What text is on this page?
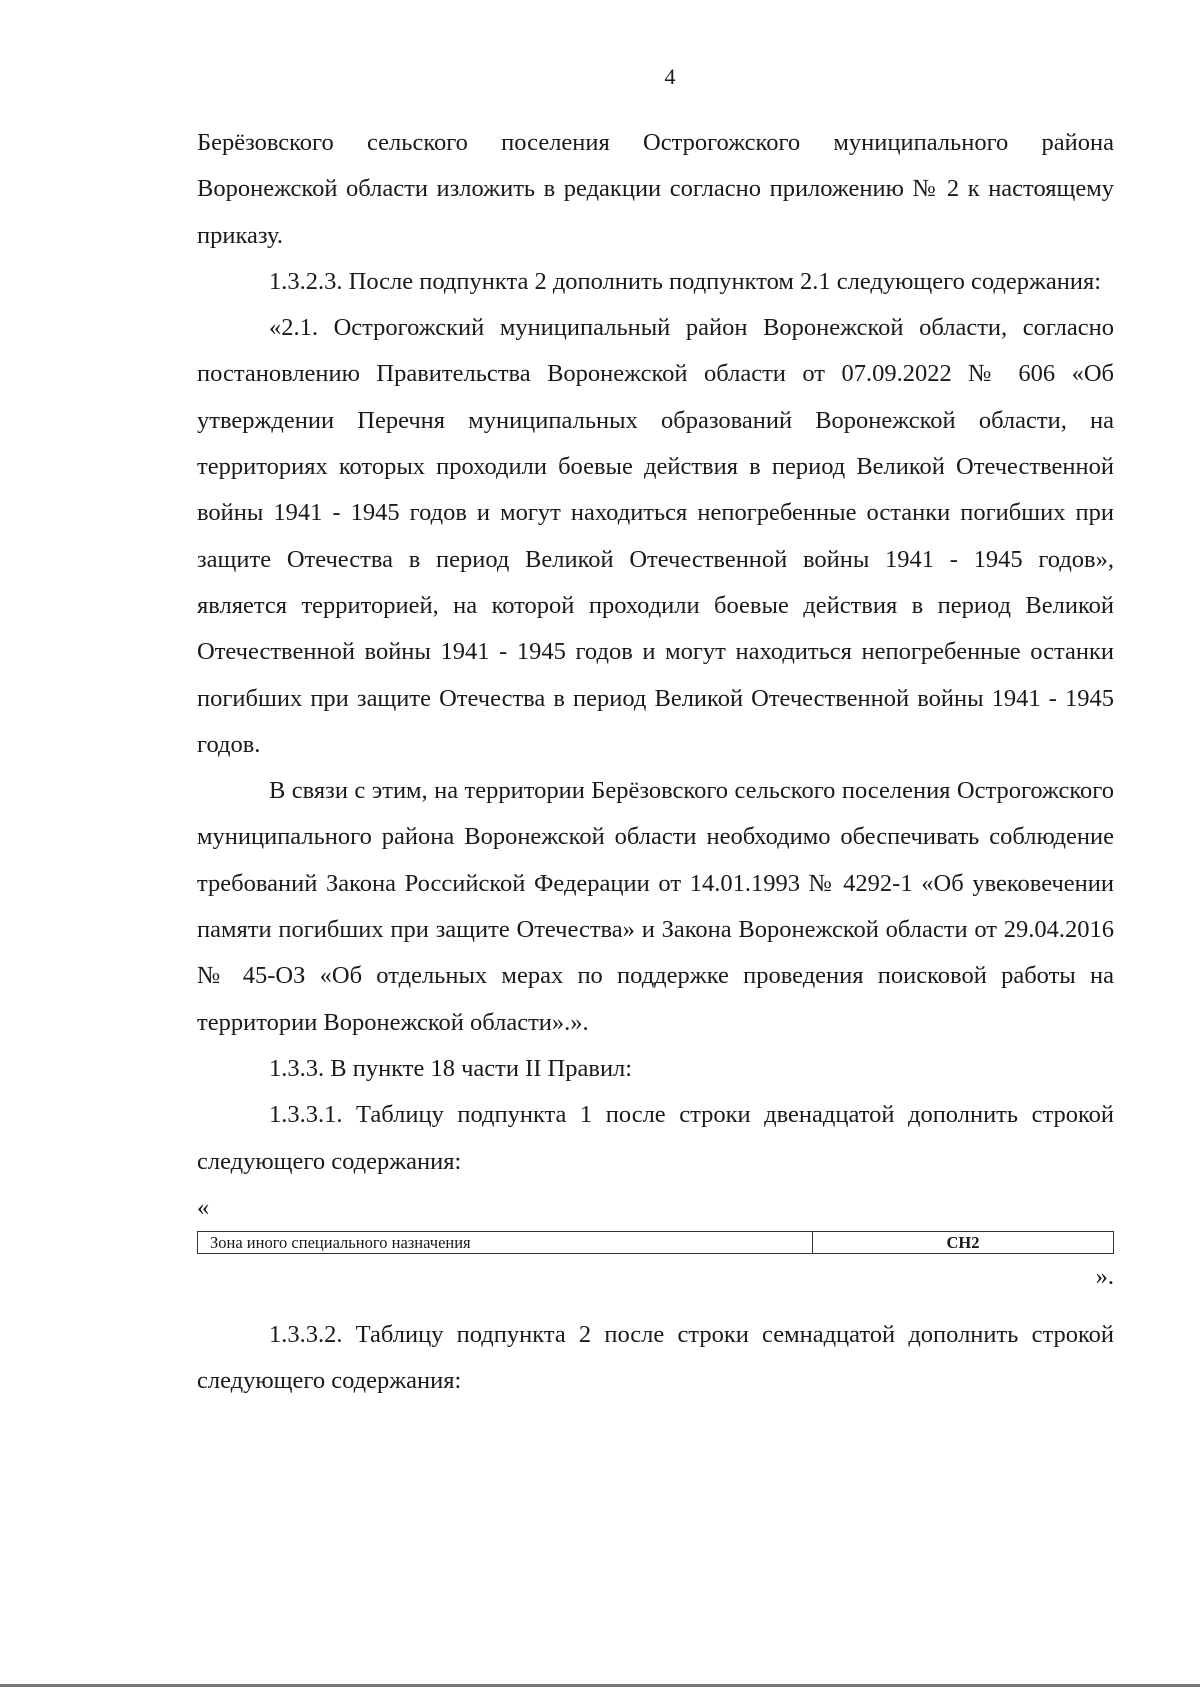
4

Берёзовского сельского поселения Острогожского муниципального района Воронежской области изложить в редакции согласно приложению № 2 к настоящему приказу.

1.3.2.3. После подпункта 2 дополнить подпунктом 2.1 следующего содержания:

«2.1. Острогожский муниципальный район Воронежской области, согласно постановлению Правительства Воронежской области от 07.09.2022 № 606 «Об утверждении Перечня муниципальных образований Воронежской области, на территориях которых проходили боевые действия в период Великой Отечественной войны 1941 - 1945 годов и могут находиться непогребенные останки погибших при защите Отечества в период Великой Отечественной войны 1941 - 1945 годов», является территорией, на которой проходили боевые действия в период Великой Отечественной войны 1941 - 1945 годов и могут находиться непогребенные останки погибших при защите Отечества в период Великой Отечественной войны 1941 - 1945 годов.

В связи с этим, на территории Берёзовского сельского поселения Острогожского муниципального района Воронежской области необходимо обеспечивать соблюдение требований Закона Российской Федерации от 14.01.1993 № 4292-1 «Об увековечении памяти погибших при защите Отечества» и Закона Воронежской области от 29.04.2016 № 45-ОЗ «Об отдельных мерах по поддержке проведения поисковой работы на территории Воронежской области».».

1.3.3. В пункте 18 части II Правил:

1.3.3.1. Таблицу подпункта 1 после строки двенадцатой дополнить строкой следующего содержания:

«
Зона иного специального назначения	СН2
».

1.3.3.2. Таблицу подпункта 2 после строки семнадцатой дополнить строкой следующего содержания:
